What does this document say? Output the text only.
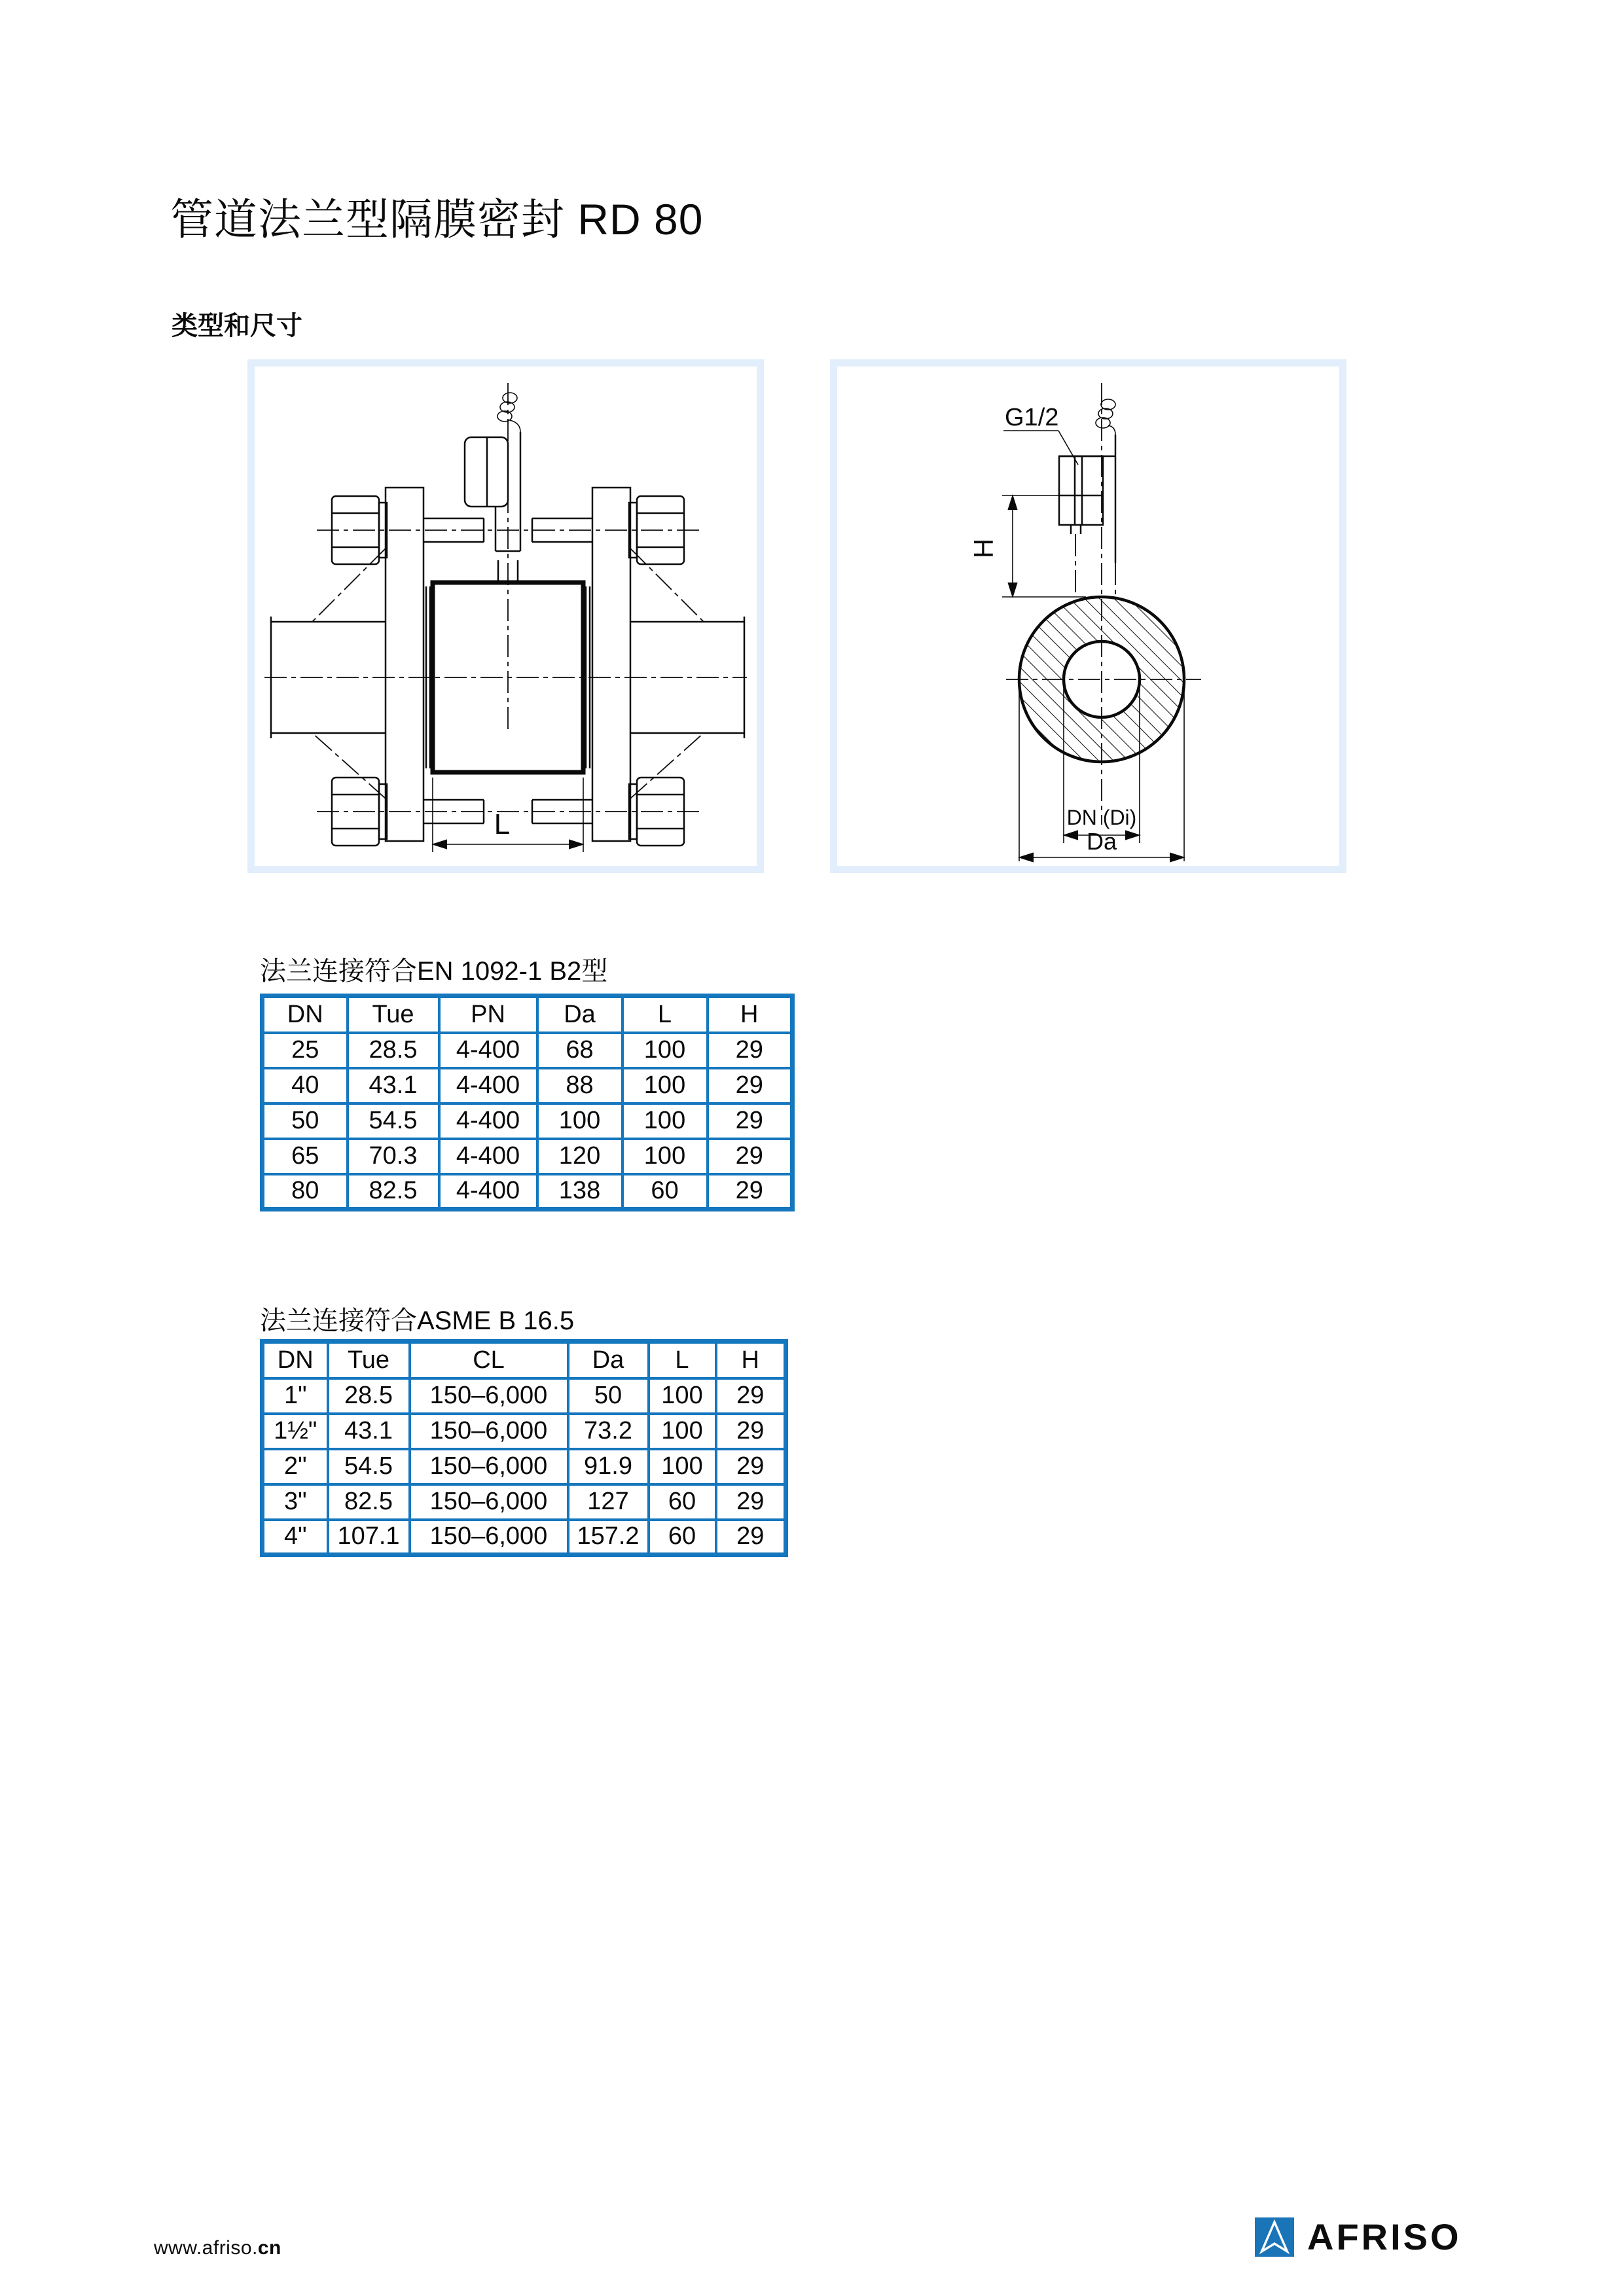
管道法兰型隔膜密封 RD 80
类型和尺寸
L
G1/2
H
DN (Di)
Da
法兰连接符合EN 1092-1 B2型
DN	Tue	PN	Da	L	H
25	28.5	4-400	68	100	29
40	43.1	4-400	88	100	29
50	54.5	4-400	100	100	29
65	70.3	4-400	120	100	29
80	82.5	4-400	138	60	29
法兰连接符合ASME B 16.5
DN	Tue	CL	Da	L	H
1"	28.5	150–6,000	50	100	29
1½"	43.1	150–6,000	73.2	100	29
2"	54.5	150–6,000	91.9	100	29
3"	82.5	150–6,000	127	60	29
4"	107.1	150–6,000	157.2	60	29
www.afriso.cn	AFRISO
